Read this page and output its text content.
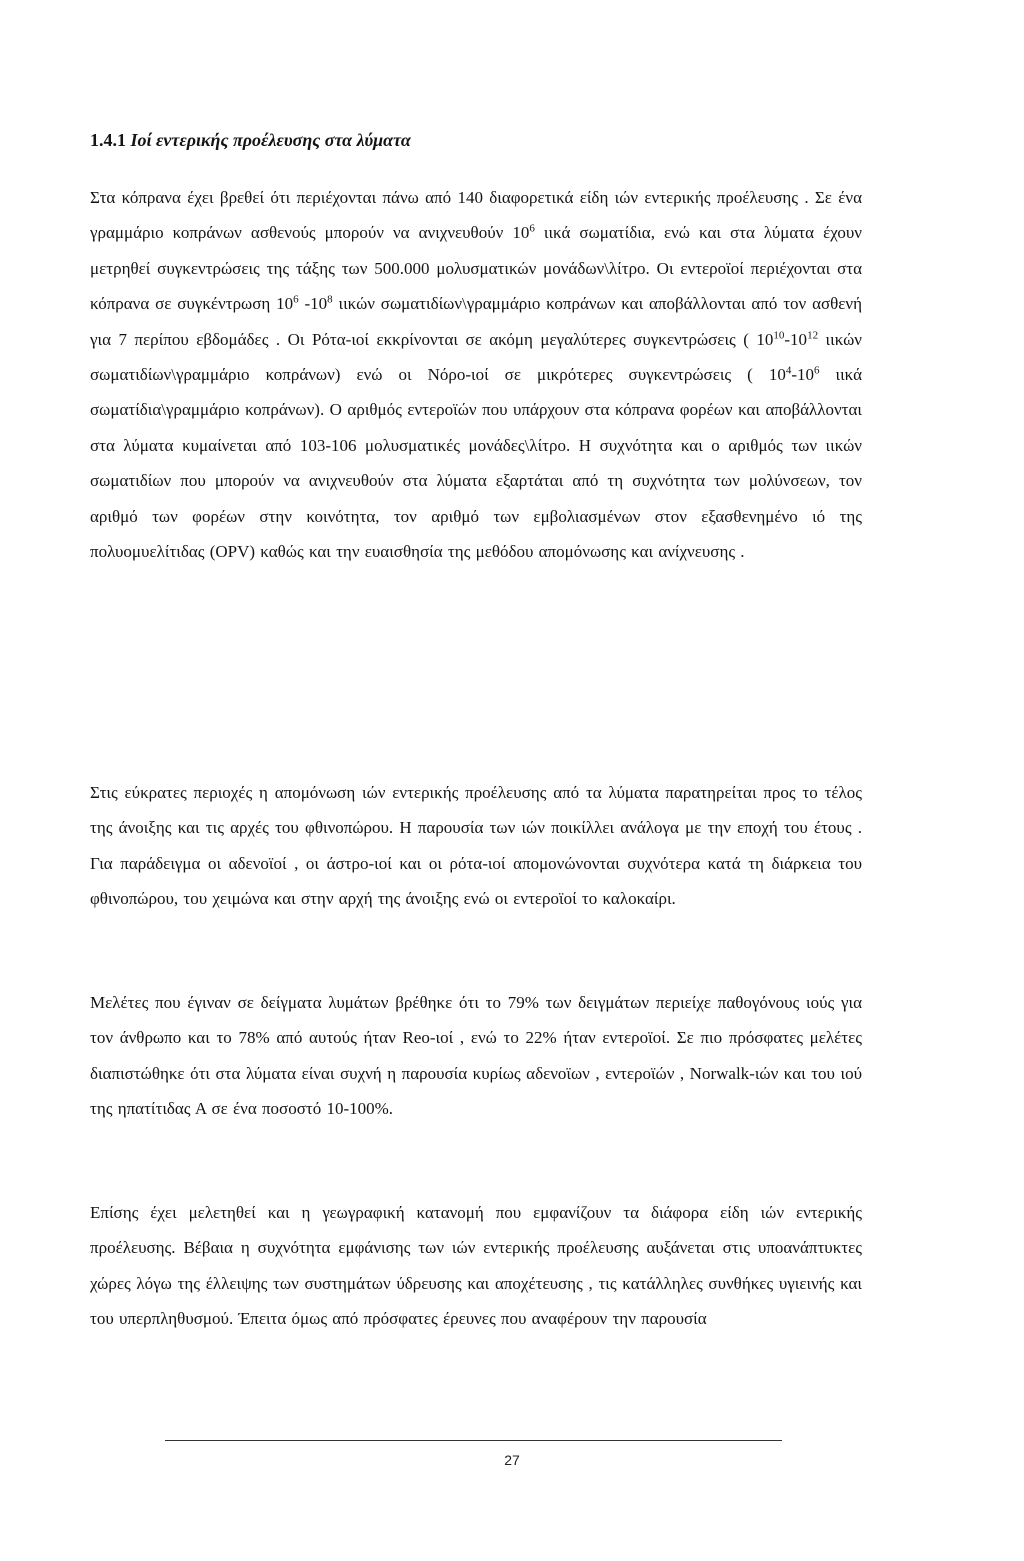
1.4.1 Ιοί εντερικής προέλευσης στα λύματα

Στα κόπρανα έχει βρεθεί ότι περιέχονται πάνω από 140 διαφορετικά είδη ιών εντερικής προέλευσης . Σε ένα γραμμάριο κοπράνων ασθενούς μπορούν να ανιχνευθούν $10^6$ ιικά σωματίδια, ενώ και στα λύματα έχουν μετρηθεί συγκεντρώσεις της τάξης των 500.000 μολυσματικών μονάδων\λίτρο. Οι εντεροϊοί περιέχονται στα κόπρανα σε συγκέντρωση $10^6$ $-10^8$ ιικών σωματιδίων\γραμμάριο κοπράνων και αποβάλλονται από τον ασθενή για 7 περίπου εβδομάδες . Οι Ρότα-ιοί εκκρίνονται σε ακόμη μεγαλύτερες συγκεντρώσεις ( $10^{10}-10^{12}$ ιικών σωματιδίων\γραμμάριο κοπράνων) ενώ οι Νόρο-ιοί σε μικρότερες συγκεντρώσεις ( $10^4-10^6$ ιικά σωματίδια\γραμμάριο κοπράνων). Ο αριθμός εντεροϊών που υπάρχουν στα κόπρανα φορέων και αποβάλλονται στα λύματα κυμαίνεται από 103-106 μολυσματικές μονάδες\λίτρο. Η συχνότητα και ο αριθμός των ιικών σωματιδίων που μπορούν να ανιχνευθούν στα λύματα εξαρτάται από τη συχνότητα των μολύνσεων, τον αριθμό των φορέων στην κοινότητα, τον αριθμό των εμβολιασμένων στον εξασθενημένο ιό της πολυομυελίτιδας (OPV) καθώς και την ευαισθησία της μεθόδου απομόνωσης και ανίχνευσης .

Στις εύκρατες περιοχές η απομόνωση ιών εντερικής προέλευσης από τα λύματα παρατηρείται προς το τέλος της άνοιξης και τις αρχές του φθινοπώρου. Η παρουσία των ιών ποικίλλει ανάλογα με την εποχή του έτους . Για παράδειγμα οι αδενοϊοί , οι άστρο-ιοί και οι ρότα-ιοί απομονώνονται συχνότερα κατά τη διάρκεια του φθινοπώρου, του χειμώνα και στην αρχή της άνοιξης ενώ οι εντεροϊοί το καλοκαίρι.

Μελέτες που έγιναν σε δείγματα λυμάτων βρέθηκε ότι το 79% των δειγμάτων περιείχε παθογόνους ιούς για τον άνθρωπο και το 78% από αυτούς ήταν Reo-ιοί , ενώ το 22% ήταν εντεροϊοί. Σε πιο πρόσφατες μελέτες διαπιστώθηκε ότι στα λύματα είναι συχνή η παρουσία κυρίως αδενοϊων , εντεροϊών , Norwalk-ιών και του ιού της ηπατίτιδας Α σε ένα ποσοστό 10-100%.

Επίσης έχει μελετηθεί και η γεωγραφική κατανομή που εμφανίζουν τα διάφορα είδη ιών εντερικής προέλευσης. Βέβαια η συχνότητα εμφάνισης των ιών εντερικής προέλευσης αυξάνεται στις υποανάπτυκτες χώρες λόγω της έλλειψης των συστημάτων ύδρευσης και αποχέτευσης , τις κατάλληλες συνθήκες υγιεινής και του υπερπληθυσμού. Έπειτα όμως από πρόσφατες έρευνες που αναφέρουν την παρουσία

27
